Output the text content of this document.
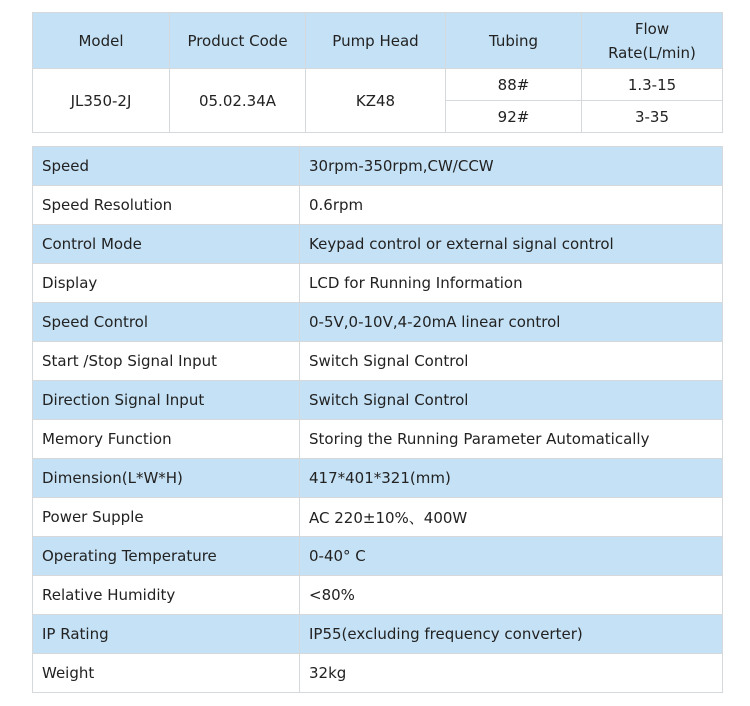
Model	Product Code	Pump Head	Tubing	Flow
Rate(L/min)
JL350-2J	05.02.34A	KZ48	88#	1.3-15
			92#	3-35
Speed	30rpm-350rpm,CW/CCW
Speed Resolution	0.6rpm
Control Mode	Keypad control or external signal control
Display	LCD for Running Information
Speed Control	0-5V,0-10V,4-20mA linear control
Start /Stop Signal Input	Switch Signal Control
Direction Signal Input	Switch Signal Control
Memory Function	Storing the Running Parameter Automatically
Dimension(L*W*H)	417*401*321(mm)
Power Supple	AC 220±10%、400W
Operating Temperature	0-40° C
Relative Humidity	<80%
IP Rating	IP55(excluding frequency converter)
Weight	32kg
